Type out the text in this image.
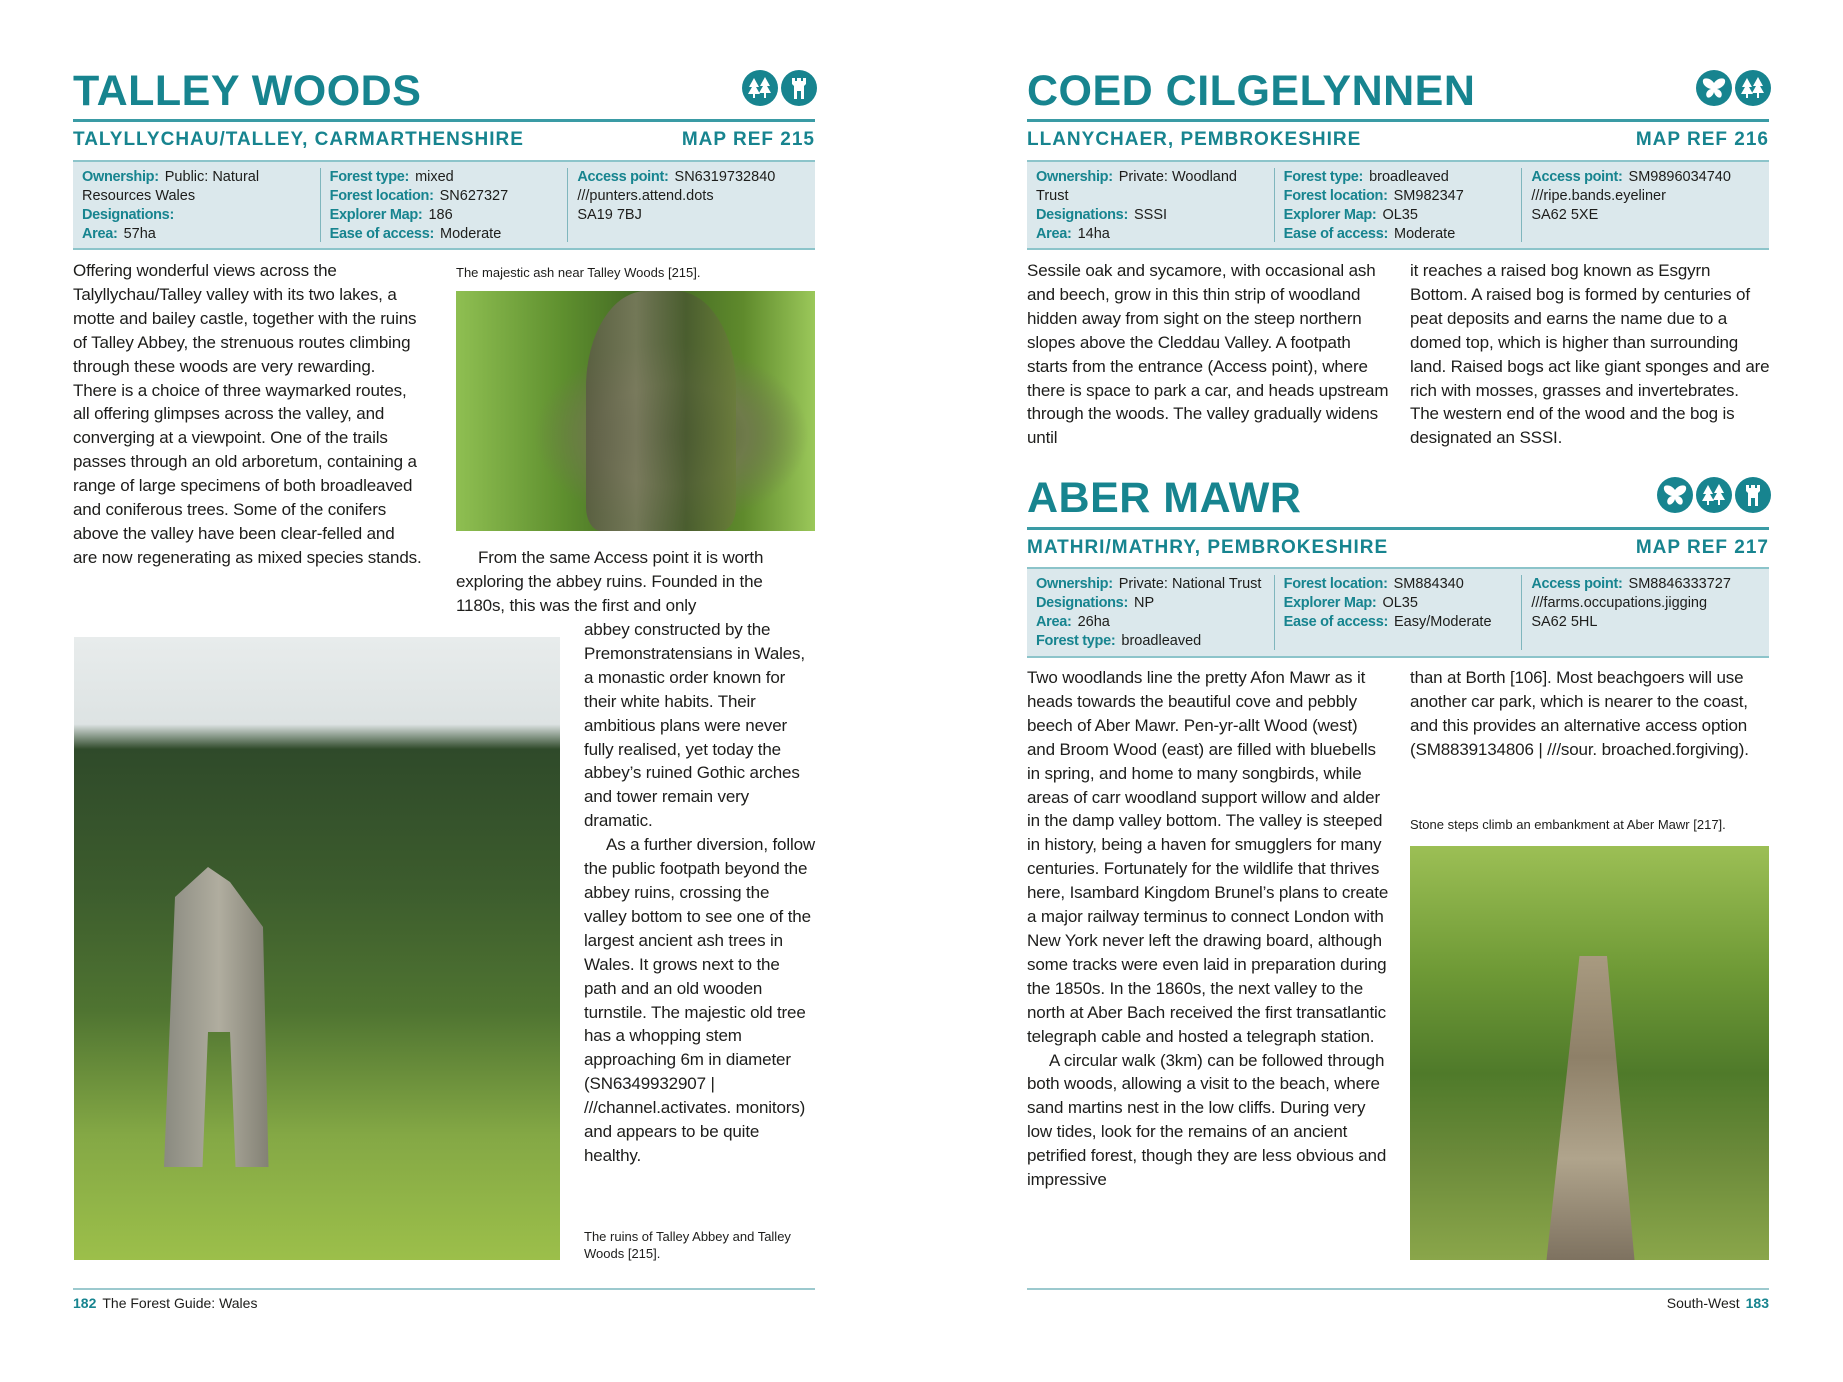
TALLEY WOODS
TALYLLYCHAU/TALLEY, CARMARTHENSHIRE	MAP REF 215
Ownership: Public: Natural Resources Wales
Designations:
Area: 57ha
Forest type: mixed
Forest location: SN627327
Explorer Map: 186
Ease of access: Moderate
Access point: SN6319732840
///punters.attend.dots
SA19 7BJ

Offering wonderful views across the Talyllychau/Talley valley with its two lakes, a motte and bailey castle, together with the ruins of Talley Abbey, the strenuous routes climbing through these woods are very rewarding. There is a choice of three waymarked routes, all offering glimpses across the valley, and converging at a viewpoint. One of the trails passes through an old arboretum, containing a range of large specimens of both broadleaved and coniferous trees. Some of the conifers above the valley have been clear-felled and are now regenerating as mixed species stands.

The majestic ash near Talley Woods [215].

From the same Access point it is worth exploring the abbey ruins. Founded in the 1180s, this was the first and only

abbey constructed by the Premonstratensians in Wales, a monastic order known for their white habits. Their ambitious plans were never fully realised, yet today the abbey’s ruined Gothic arches and tower remain very dramatic.

As a further diversion, follow the public footpath beyond the abbey ruins, crossing the valley bottom to see one of the largest ancient ash trees in Wales. It grows next to the path and an old wooden turnstile. The majestic old tree has a whopping stem approaching 6m in diameter (SN6349932907 | ///channel.activates. monitors) and appears to be quite healthy.

The ruins of Talley Abbey and Talley Woods [215].
182 The Forest Guide: Wales
COED CILGELYNNEN
LLANYCHAER, PEMBROKESHIRE	MAP REF 216
Ownership: Private: Woodland Trust
Designations: SSSI
Area: 14ha
Forest type: broadleaved
Forest location: SM982347
Explorer Map: OL35
Ease of access: Moderate
Access point: SM9896034740
///ripe.bands.eyeliner
SA62 5XE

Sessile oak and sycamore, with occasional ash and beech, grow in this thin strip of woodland hidden away from sight on the steep northern slopes above the Cleddau Valley. A footpath starts from the entrance (Access point), where there is space to park a car, and heads upstream through the woods. The valley gradually widens until

it reaches a raised bog known as Esgyrn Bottom. A raised bog is formed by centuries of peat deposits and earns the name due to a domed top, which is higher than surrounding land. Raised bogs act like giant sponges and are rich with mosses, grasses and invertebrates. The western end of the wood and the bog is designated an SSSI.

ABER MAWR
MATHRI/MATHRY, PEMBROKESHIRE	MAP REF 217
Ownership: Private: National Trust
Designations: NP
Area: 26ha
Forest type: broadleaved
Forest location: SM884340
Explorer Map: OL35
Ease of access: Easy/Moderate
Access point: SM8846333727
///farms.occupations.jigging
SA62 5HL

Two woodlands line the pretty Afon Mawr as it heads towards the beautiful cove and pebbly beech of Aber Mawr. Pen-yr-allt Wood (west) and Broom Wood (east) are filled with bluebells in spring, and home to many songbirds, while areas of carr woodland support willow and alder in the damp valley bottom. The valley is steeped in history, being a haven for smugglers for many centuries. Fortunately for the wildlife that thrives here, Isambard Kingdom Brunel’s plans to create a major railway terminus to connect London with New York never left the drawing board, although some tracks were even laid in preparation during the 1850s. In the 1860s, the next valley to the north at Aber Bach received the first transatlantic telegraph cable and hosted a telegraph station.

A circular walk (3km) can be followed through both woods, allowing a visit to the beach, where sand martins nest in the low cliffs. During very low tides, look for the remains of an ancient petrified forest, though they are less obvious and impressive

than at Borth [106]. Most beachgoers will use another car park, which is nearer to the coast, and this provides an alternative access option (SM8839134806 | ///sour. broached.forgiving).

Stone steps climb an embankment at Aber Mawr [217].
South-West 183
